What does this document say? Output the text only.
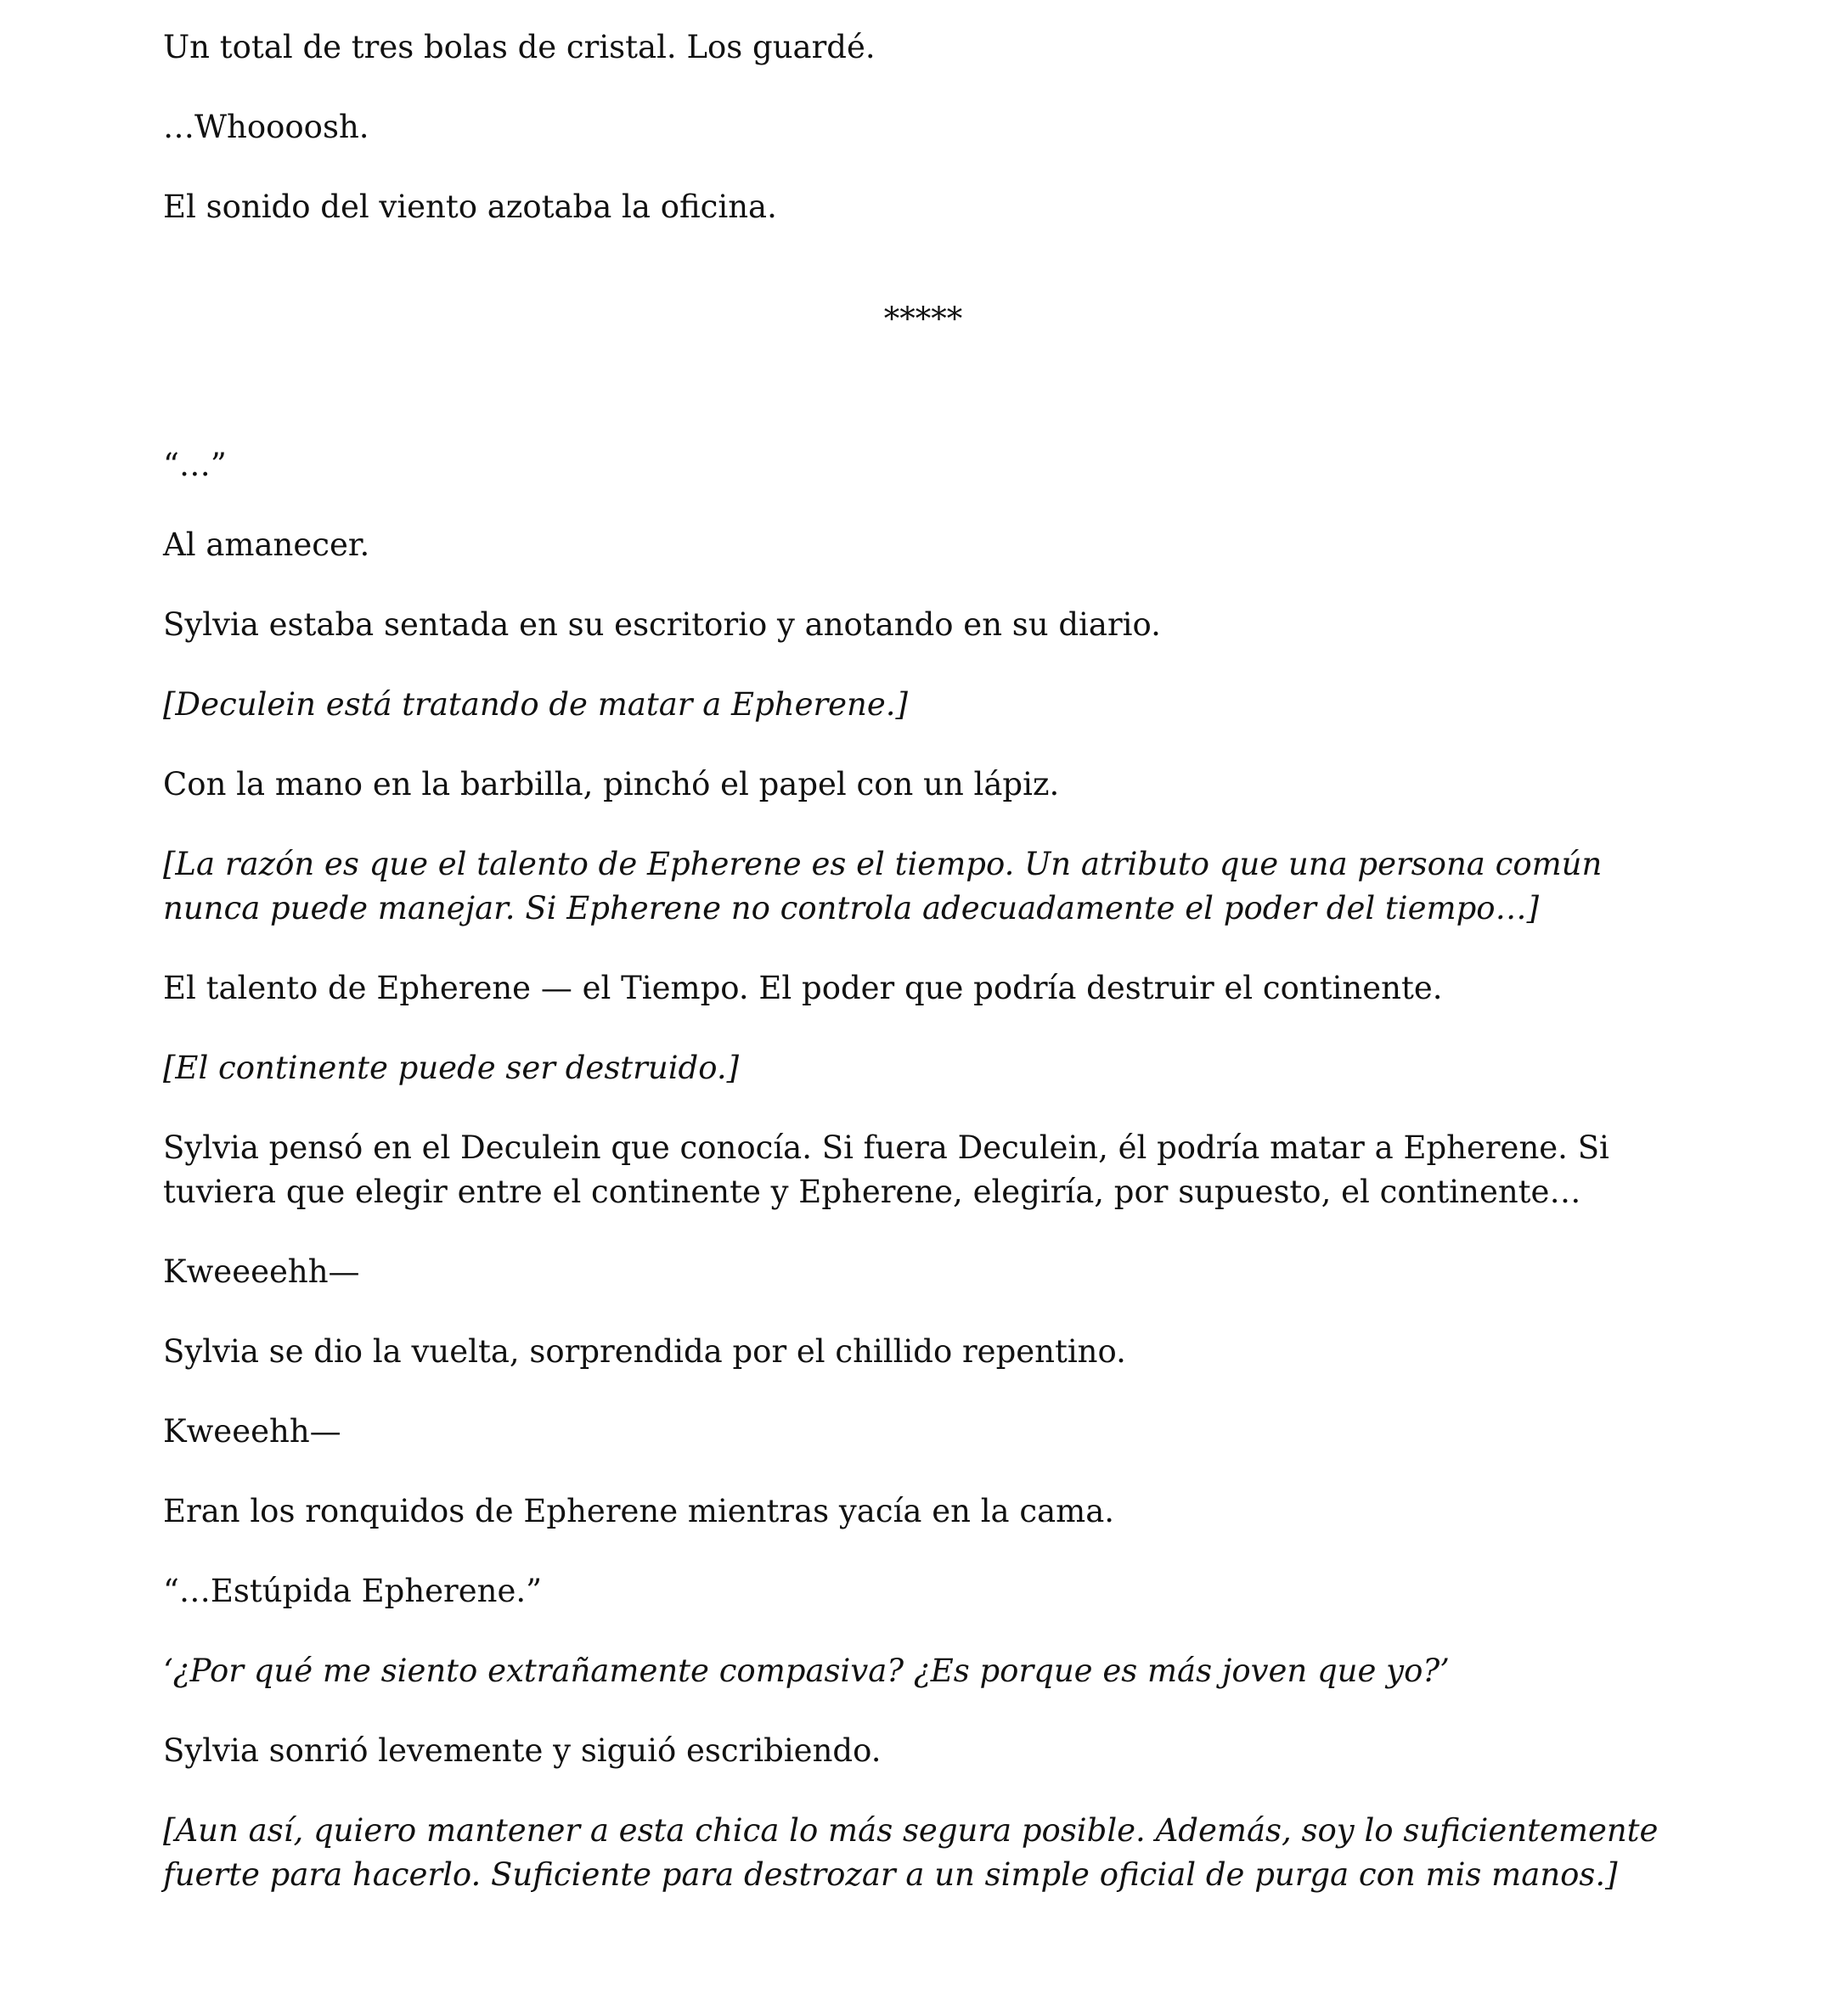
Un total de tres bolas de cristal. Los guardé.

…Whoooosh.

El sonido del viento azotaba la oficina.

*****

“…”

Al amanecer.

Sylvia estaba sentada en su escritorio y anotando en su diario.

[Deculein está tratando de matar a Epherene.]

Con la mano en la barbilla, pinchó el papel con un lápiz.

[La razón es que el talento de Epherene es el tiempo. Un atributo que una persona común nunca puede manejar. Si Epherene no controla adecuadamente el poder del tiempo…]

El talento de Epherene — el Tiempo. El poder que podría destruir el continente.

[El continente puede ser destruido.]

Sylvia pensó en el Deculein que conocía. Si fuera Deculein, él podría matar a Epherene. Si tuviera que elegir entre el continente y Epherene, elegiría, por supuesto, el continente…

Kweeeehh—

Sylvia se dio la vuelta, sorprendida por el chillido repentino.

Kweeehh—

Eran los ronquidos de Epherene mientras yacía en la cama.

“…Estúpida Epherene.”

‘¿Por qué me siento extrañamente compasiva? ¿Es porque es más joven que yo?’

Sylvia sonrió levemente y siguió escribiendo.

[Aun así, quiero mantener a esta chica lo más segura posible. Además, soy lo suficientemente fuerte para hacerlo. Suficiente para destrozar a un simple oficial de purga con mis manos.]
